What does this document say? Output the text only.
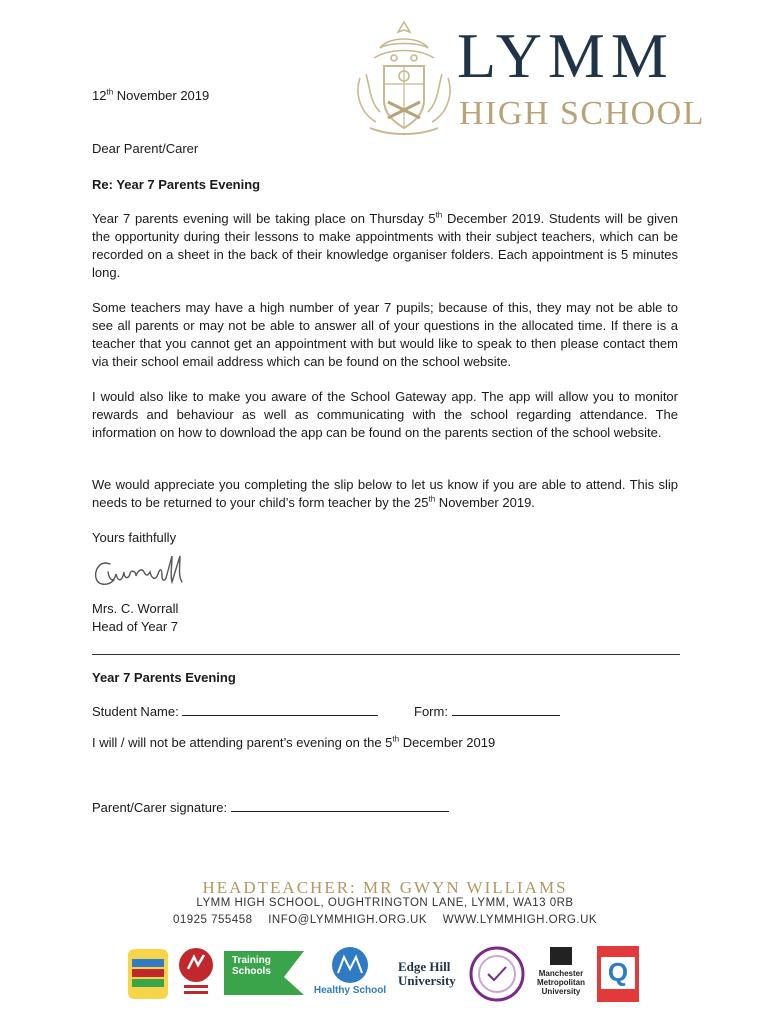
LYMM
HIGH SCHOOL
12th November 2019
Dear Parent/Carer
Re: Year 7 Parents Evening

Year 7 parents evening will be taking place on Thursday 5th December 2019. Students will be given the opportunity during their lessons to make appointments with their subject teachers, which can be recorded on a sheet in the back of their knowledge organiser folders. Each appointment is 5 minutes long.

Some teachers may have a high number of year 7 pupils; because of this, they may not be able to see all parents or may not be able to answer all of your questions in the allocated time. If there is a teacher that you cannot get an appointment with but would like to speak to then please contact them via their school email address which can be found on the school website.

I would also like to make you aware of the School Gateway app. The app will allow you to monitor rewards and behaviour as well as communicating with the school regarding attendance. The information on how to download the app can be found on the parents section of the school website.

We would appreciate you completing the slip below to let us know if you are able to attend. This slip needs to be returned to your child’s form teacher by the 25th November 2019.

Yours faithfully
Mrs. C. Worrall
Head of Year 7
Year 7 Parents Evening
Student Name:	Form:
I will / will not be attending parent’s evening on the 5th December 2019
Parent/Carer signature:
HEADTEACHER: MR GWYN WILLIAMS
LYMM HIGH SCHOOL, OUGHTRINGTON LANE, LYMM, WA13 0RB
01925 755458 INFO@LYMMHIGH.ORG.UK WWW.LYMMHIGH.ORG.UK
Training Schools
Healthy School
Edge Hill
University	Manchester
Metropolitan
University
Q
